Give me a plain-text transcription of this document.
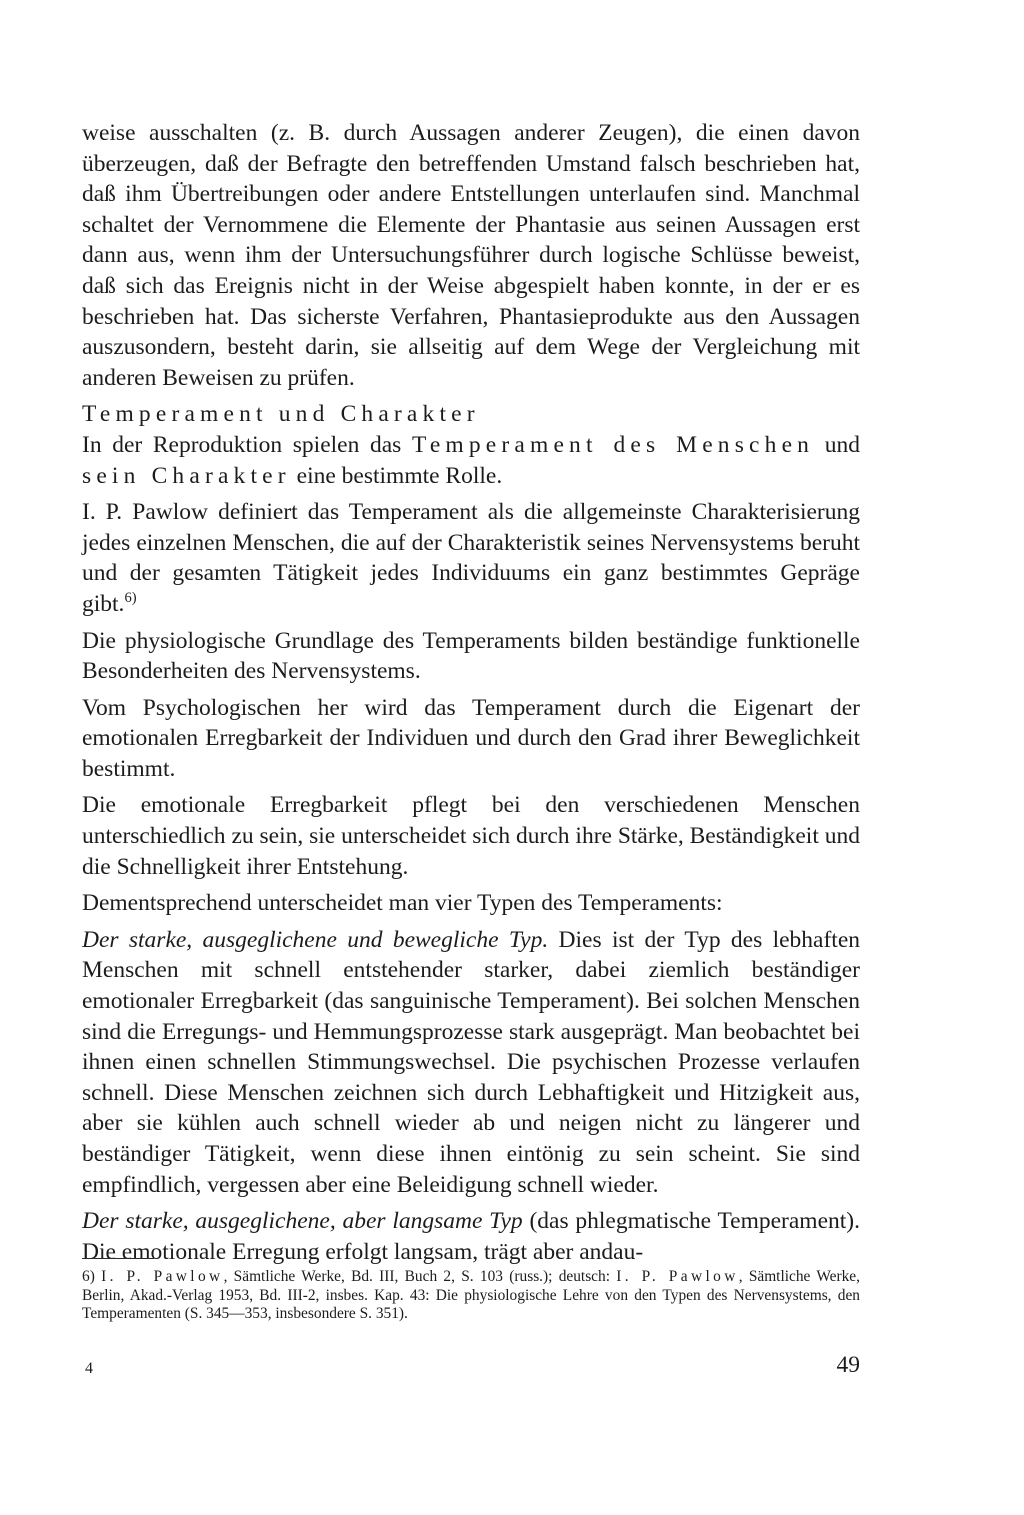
weise ausschalten (z. B. durch Aussagen anderer Zeugen), die einen davon überzeugen, daß der Befragte den betreffenden Umstand falsch beschrieben hat, daß ihm Übertreibungen oder andere Entstellungen unterlaufen sind. Manchmal schaltet der Vernommene die Elemente der Phantasie aus seinen Aussagen erst dann aus, wenn ihm der Untersuchungsführer durch logische Schlüsse beweist, daß sich das Ereignis nicht in der Weise abgespielt haben konnte, in der er es beschrieben hat. Das sicherste Verfahren, Phantasieprodukte aus den Aussagen auszusondern, besteht darin, sie allseitig auf dem Wege der Vergleichung mit anderen Beweisen zu prüfen.

Temperament und Charakter

In der Reproduktion spielen das Temperament des Menschen und sein Charakter eine bestimmte Rolle.

I. P. Pawlow definiert das Temperament als die allgemeinste Charakterisierung jedes einzelnen Menschen, die auf der Charakteristik seines Nervensystems beruht und der gesamten Tätigkeit jedes Individuums ein ganz bestimmtes Gepräge gibt.$^{6)}$

Die physiologische Grundlage des Temperaments bilden beständige funktionelle Besonderheiten des Nervensystems.

Vom Psychologischen her wird das Temperament durch die Eigenart der emotionalen Erregbarkeit der Individuen und durch den Grad ihrer Beweglichkeit bestimmt.

Die emotionale Erregbarkeit pflegt bei den verschiedenen Menschen unterschiedlich zu sein, sie unterscheidet sich durch ihre Stärke, Beständigkeit und die Schnelligkeit ihrer Entstehung.

Dementsprechend unterscheidet man vier Typen des Temperaments:

Der starke, ausgeglichene und bewegliche Typ. Dies ist der Typ des lebhaften Menschen mit schnell entstehender starker, dabei ziemlich beständiger emotionaler Erregbarkeit (das sanguinische Temperament). Bei solchen Menschen sind die Erregungs- und Hemmungsprozesse stark ausgeprägt. Man beobachtet bei ihnen einen schnellen Stimmungswechsel. Die psychischen Prozesse verlaufen schnell. Diese Menschen zeichnen sich durch Lebhaftigkeit und Hitzigkeit aus, aber sie kühlen auch schnell wieder ab und neigen nicht zu längerer und beständiger Tätigkeit, wenn diese ihnen eintönig zu sein scheint. Sie sind empfindlich, vergessen aber eine Beleidigung schnell wieder.

Der starke, ausgeglichene, aber langsame Typ (das phlegmatische Temperament). Die emotionale Erregung erfolgt langsam, trägt aber andau-

6) I. P. Pawlow, Sämtliche Werke, Bd. III, Buch 2, S. 103 (russ.); deutsch: I. P. Pawlow, Sämtliche Werke, Berlin, Akad.-Verlag 1953, Bd. III-2, insbes. Kap. 43: Die physiologische Lehre von den Typen des Nervensystems, den Temperamenten (S. 345—353, insbesondere S. 351).

4	49
